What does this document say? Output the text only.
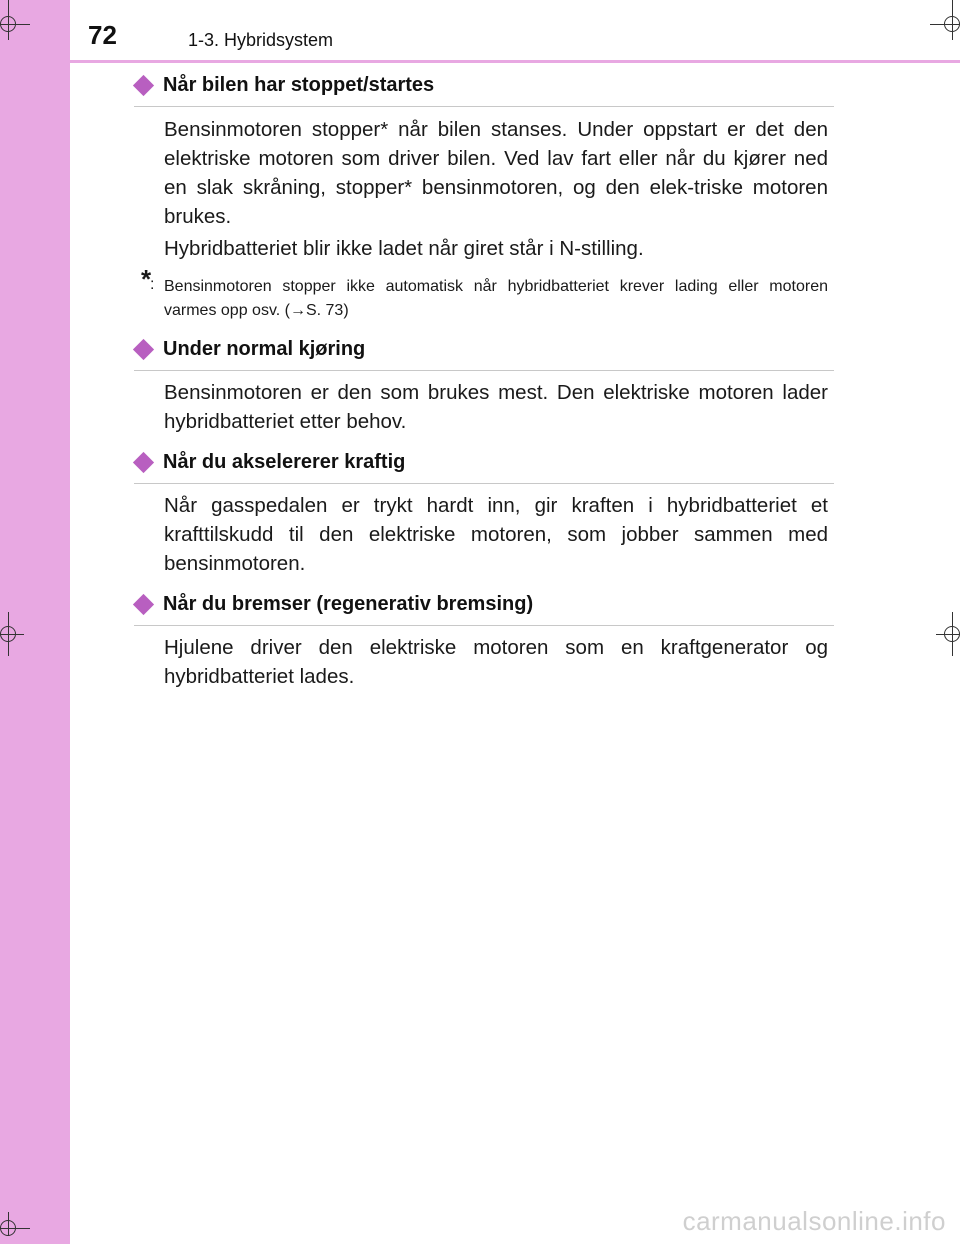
72	1-3. Hybridsystem
Når bilen har stoppet/startes
Bensinmotoren stopper* når bilen stanses. Under oppstart er det den elektriske motoren som driver bilen. Ved lav fart eller når du kjører ned en slak skråning, stopper* bensinmotoren, og den elek-triske motoren brukes.
Hybridbatteriet blir ikke ladet når giret står i N-stilling.
*
: Bensinmotoren stopper ikke automatisk når hybridbatteriet krever lading eller motoren varmes opp osv. (→S. 73)
Under normal kjøring
Bensinmotoren er den som brukes mest. Den elektriske motoren lader hybridbatteriet etter behov.
Når du akselererer kraftig
Når gasspedalen er trykt hardt inn, gir kraften i hybridbatteriet et krafttilskudd til den elektriske motoren, som jobber sammen med bensinmotoren.
Når du bremser (regenerativ bremsing)
Hjulene driver den elektriske motoren som en kraftgenerator og hybridbatteriet lades.
carmanualsonline.info
